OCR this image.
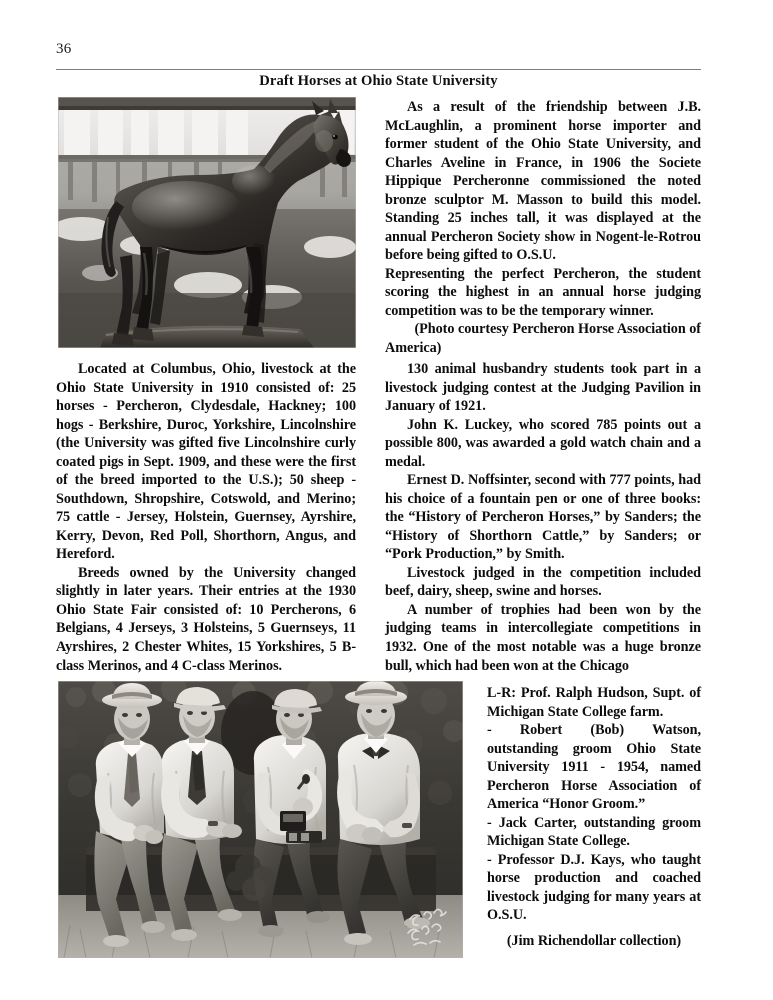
36
Draft Horses at Ohio State University

As a result of the friendship between J.B. McLaughlin, a prominent horse importer and former student of the Ohio State University, and Charles Aveline in France, in 1906 the Societe Hippique Percheronne commissioned the noted bronze sculptor M. Masson to build this model. Standing 25 inches tall, it was displayed at the annual Percheron Society show in Nogent-le-Rotrou before being gifted to O.S.U.

Representing the perfect Percheron, the student scoring the highest in an annual horse judging competition was to be the temporary winner.

(Photo courtesy Percheron Horse Association of America)

Located at Columbus, Ohio, livestock at the Ohio State University in 1910 consisted of: 25 horses - Percheron, Clydesdale, Hackney; 100 hogs - Berkshire, Duroc, Yorkshire, Lincolnshire (the University was gifted five Lincolnshire curly coated pigs in Sept. 1909, and these were the first of the breed imported to the U.S.); 50 sheep - Southdown, Shropshire, Cotswold, and Merino; 75 cattle - Jersey, Holstein, Guernsey, Ayrshire, Kerry, Devon, Red Poll, Shorthorn, Angus, and Hereford.

Breeds owned by the University changed slightly in later years. Their entries at the 1930 Ohio State Fair consisted of: 10 Percherons, 6 Belgians, 4 Jerseys, 3 Holsteins, 5 Guernseys, 11 Ayrshires, 2 Chester Whites, 15 Yorkshires, 5 B-class Merinos, and 4 C-class Merinos.

130 animal husbandry students took part in a livestock judging contest at the Judging Pavilion in January of 1921.

John K. Luckey, who scored 785 points out a possible 800, was awarded a gold watch chain and a medal.

Ernest D. Noffsinter, second with 777 points, had his choice of a fountain pen or one of three books: the “History of Percheron Horses,” by Sanders; the “History of Shorthorn Cattle,” by Sanders; or “Pork Production,” by Smith.

Livestock judged in the competition included beef, dairy, sheep, swine and horses.

A number of trophies had been won by the judging teams in intercollegiate competitions in 1932. One of the most notable was a huge bronze bull, which had been won at the Chicago

L-R: Prof. Ralph Hudson, Supt. of Michigan State College farm.

- Robert (Bob) Watson, outstanding groom Ohio State University 1911 - 1954, named Percheron Horse Association of America “Honor Groom.”

- Jack Carter, outstanding groom Michigan State College.

- Professor D.J. Kays, who taught horse production and coached livestock judging for many years at O.S.U.

(Jim Richendollar collection)
